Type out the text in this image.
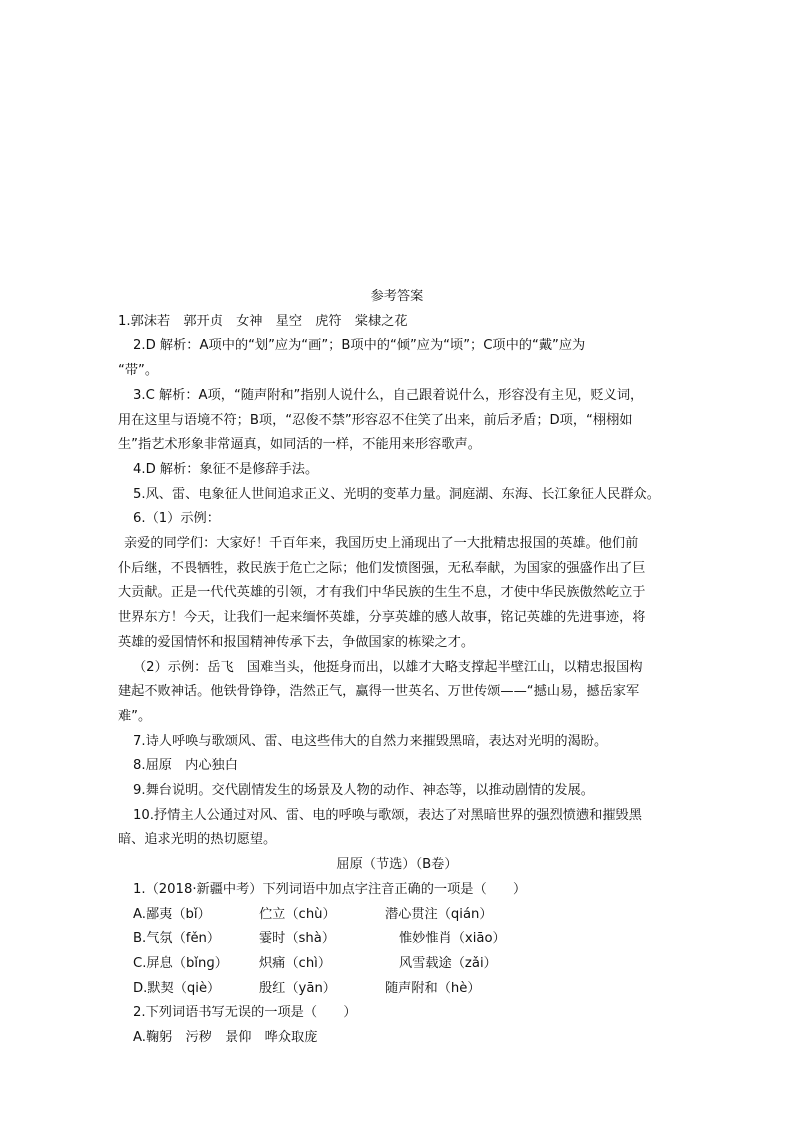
参考答案
1.郭沫若　郭开贞　女神　星空　虎符　棠棣之花
2.D 解析：A项中的“划”应为“画”；B项中的“倾”应为“顷”；C项中的“戴”应为
“带”。
3.C 解析：A项，“随声附和”指别人说什么，自己跟着说什么，形容没有主见，贬义词，
用在这里与语境不符；B项，“忍俊不禁”形容忍不住笑了出来，前后矛盾；D项，“栩栩如
生”指艺术形象非常逼真，如同活的一样，不能用来形容歌声。
4.D 解析：象征不是修辞手法。
5.风、雷、电象征人世间追求正义、光明的变革力量。洞庭湖、东海、长江象征人民群众。
6.（1）示例：
亲爱的同学们：大家好！千百年来，我国历史上涌现出了一大批精忠报国的英雄。他们前
仆后继，不畏牺牲，救民族于危亡之际；他们发愤图强，无私奉献，为国家的强盛作出了巨
大贡献。正是一代代英雄的引领，才有我们中华民族的生生不息，才使中华民族傲然屹立于
世界东方！今天，让我们一起来缅怀英雄，分享英雄的感人故事，铭记英雄的先进事迹，将
英雄的爱国情怀和报国精神传承下去，争做国家的栋梁之才。
（2）示例：岳飞　国难当头，他挺身而出，以雄才大略支撑起半壁江山，以精忠报国构
建起不败神话。他铁骨铮铮，浩然正气，赢得一世英名、万世传颂——“撼山易，撼岳家军
难”。
7.诗人呼唤与歌颂风、雷、电这些伟大的自然力来摧毁黑暗，表达对光明的渴盼。
8.屈原　内心独白
9.舞台说明。交代剧情发生的场景及人物的动作、神态等，以推动剧情的发展。
10.抒情主人公通过对风、雷、电的呼唤与歌颂，表达了对黑暗世界的强烈愤懑和摧毁黑
暗、追求光明的热切愿望。
屈原（节选）（B卷）
1.（2018·新疆中考）下列词语中加点字注音正确的一项是（　　）
A.鄙夷（bǐ）	伫立（chù）	潜心贯注（qián）
B.气氛（fěn）	霎时（shà）	惟妙惟肖（xiāo）
C.屏息（bǐnɡ） 炽痛（chì）	风雪载途（zǎi）
D.默契（qiè）	殷红（yān）	随声附和（hè）
2.下列词语书写无误的一项是（　　）
A.鞠躬　污秽　景仰　哗众取庞
